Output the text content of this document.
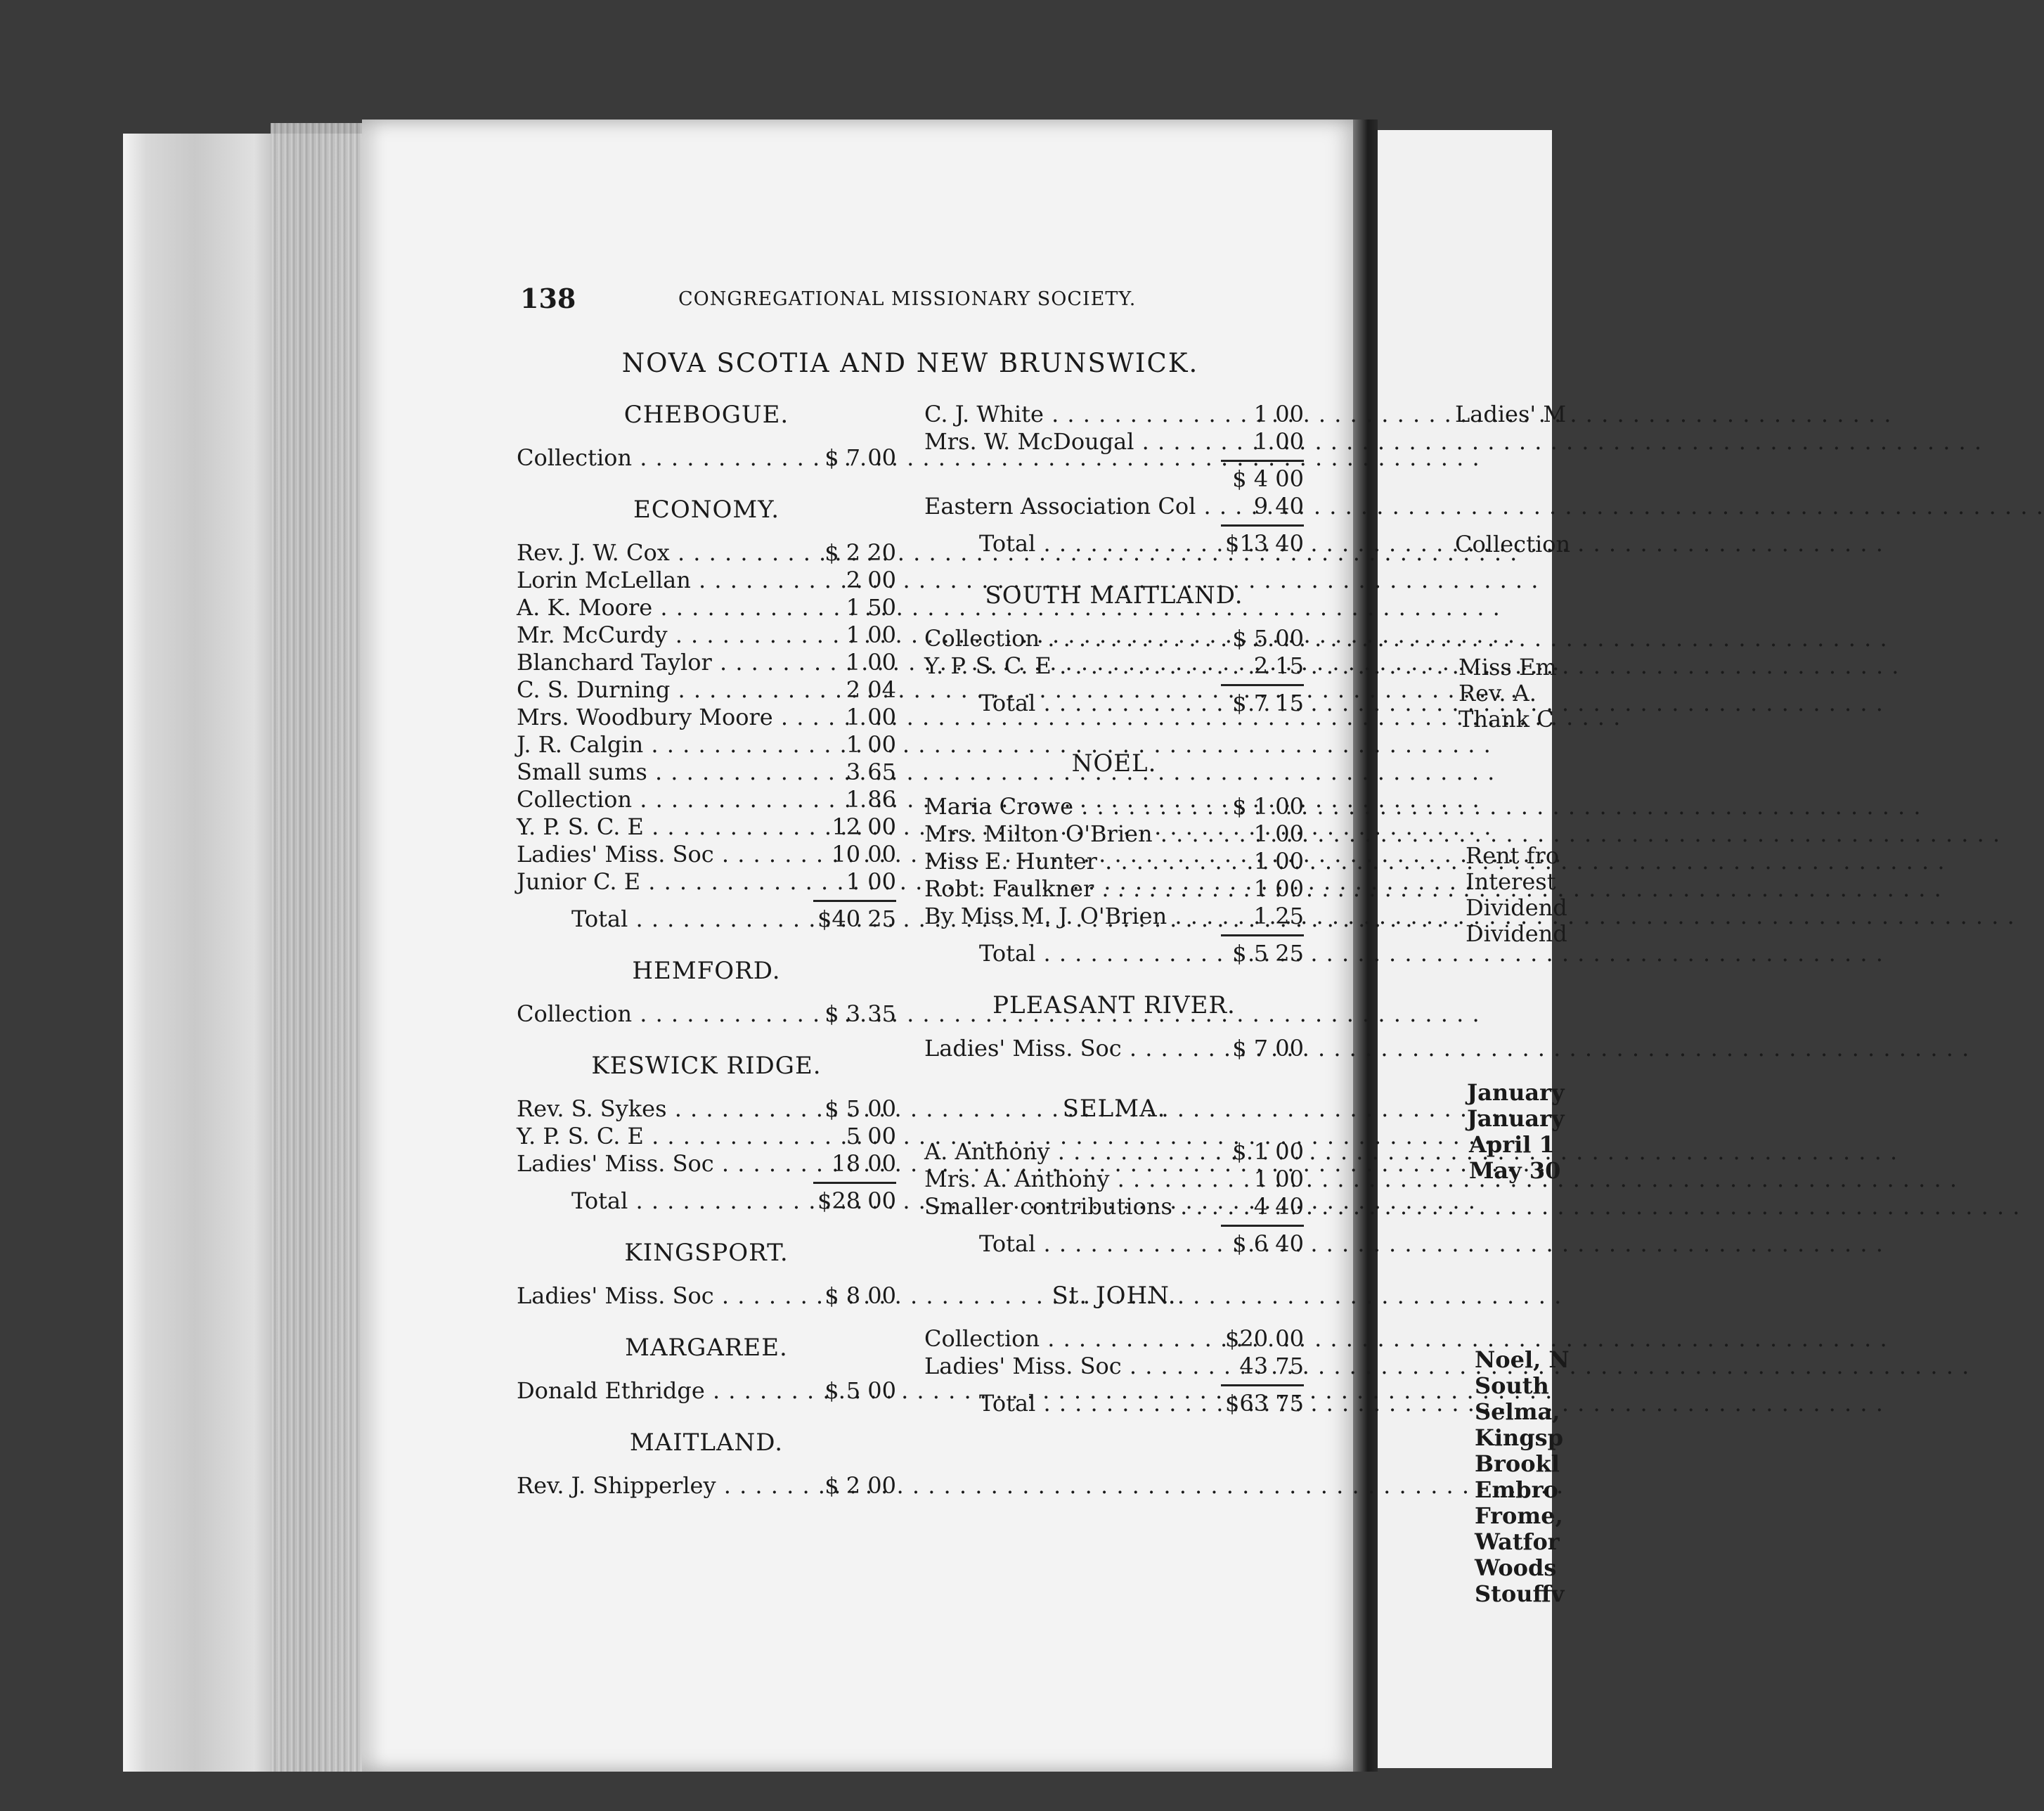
Ladies' M
Collection
Miss Em
Rev. A.
Thank C
Rent fro
Interest
Dividend
Dividend
January
January
April 1
May 30
Noel, N
South
Selma,
Kingsp
Brookl
Embro
Frome,
Watfor
Woods
Stouffv
138	CONGREGATIONAL MISSIONARY SOCIETY.
NOVA SCOTIA AND NEW BRUNSWICK.
CHEBOGUE.
Collection . . .	$ 7 00
ECONOMY.
Rev. J. W. Cox . . .	$ 2 20
Lorin McLellan . . .	2 00
A. K. Moore . . .	1 50
Mr. McCurdy . . .	1 00
Blanchard Taylor . . .	1 00
C. S. Durning . . .	2 04
Mrs. Woodbury Moore . . .	1 00
J. R. Calgin . . .	1 00
Small sums . . .	3 65
Collection . . .	1 86
Y. P. S. C. E . . .	12 00
Ladies' Miss. Soc . . .	10 00
Junior C. E . . .	1 00
Total . . .	$40 25
HEMFORD.
Collection . . .	$ 3 35
KESWICK RIDGE.
Rev. S. Sykes . . .	$ 5 00
Y. P. S. C. E . . .	5 00
Ladies' Miss. Soc . . .	18 00
Total . . .	$28 00
KINGSPORT.
Ladies' Miss. Soc . . .	$ 8 00
MARGAREE.
Donald Ethridge . . .	$ 5 00
MAITLAND.
Rev. J. Shipperley . . .	$ 2 00
C. J. White . . .	1 00
Mrs. W. McDougal . . .	1 00
$ 4 00
Eastern Association Col . . .	9 40
Total . . .	$13 40
SOUTH MAITLAND.
Collection . . .	$ 5 00
Y. P. S. C. E . . .	2 15
Total . . .	$ 7 15
NOEL.
Maria Crowe . . .	$ 1 00
Mrs. Milton O'Brien . . .	1 00
Miss E. Hunter . . .	1 00
Robt. Faulkner . . .	1 00
By Miss M. J. O'Brien . . .	1 25
Total . . .	$ 5 25
PLEASANT RIVER.
Ladies' Miss. Soc . . .	$ 7 00
SELMA.
A. Anthony . . .	$ 1 00
Mrs. A. Anthony . . .	1 00
Smaller contributions . . .	4 40
Total . . .	$ 6 40
St. JOHN.
Collection . . .	$20 00
Ladies' Miss. Soc . . .	43 75
Total . . .	$63 75
